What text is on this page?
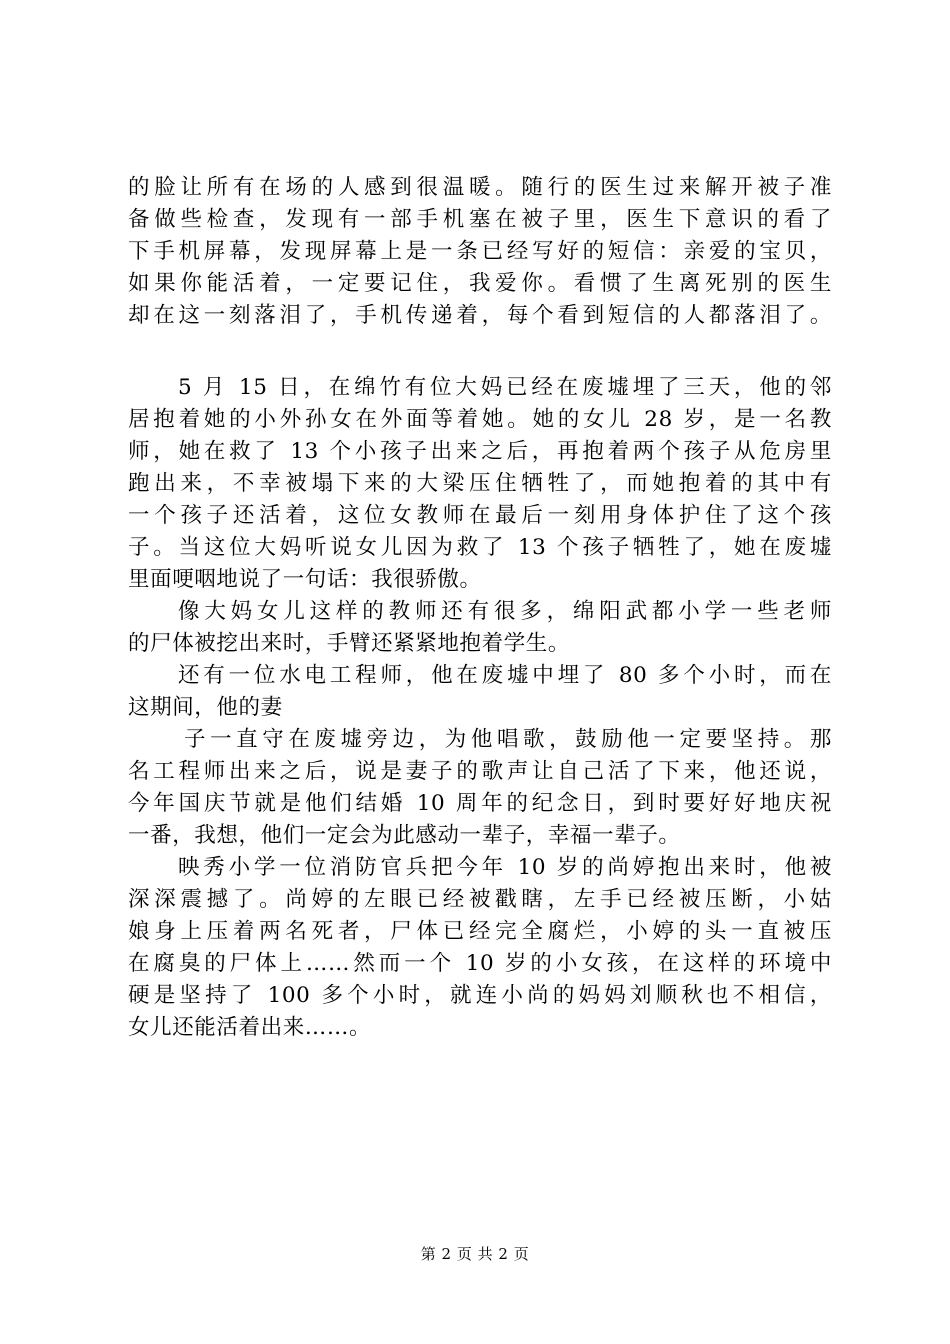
的脸让所有在场的人感到很温暖。随行的医生过来解开被子准
备做些检查，发现有一部手机塞在被子里，医生下意识的看了
下手机屏幕，发现屏幕上是一条已经写好的短信：亲爱的宝贝，
如果你能活着，一定要记住，我爱你。看惯了生离死别的医生
却在这一刻落泪了，手机传递着，每个看到短信的人都落泪了。
5 月 15 日，在绵竹有位大妈已经在废墟埋了三天，他的邻
居抱着她的小外孙女在外面等着她。她的女儿 28 岁，是一名教
师，她在救了 13 个小孩子出来之后，再抱着两个孩子从危房里
跑出来，不幸被塌下来的大梁压住牺牲了，而她抱着的其中有
一个孩子还活着，这位女教师在最后一刻用身体护住了这个孩
子。当这位大妈听说女儿因为救了 13 个孩子牺牲了，她在废墟
里面哽咽地说了一句话：我很骄傲。
像大妈女儿这样的教师还有很多，绵阳武都小学一些老师
的尸体被挖出来时，手臂还紧紧地抱着学生。
还有一位水电工程师，他在废墟中埋了 80 多个小时，而在
这期间，他的妻
子一直守在废墟旁边，为他唱歌，鼓励他一定要坚持。那
名工程师出来之后，说是妻子的歌声让自己活了下来，他还说，
今年国庆节就是他们结婚 10 周年的纪念日，到时要好好地庆祝
一番，我想，他们一定会为此感动一辈子，幸福一辈子。
映秀小学一位消防官兵把今年 10 岁的尚婷抱出来时，他被
深深震撼了。尚婷的左眼已经被戳瞎，左手已经被压断，小姑
娘身上压着两名死者，尸体已经完全腐烂，小婷的头一直被压
在腐臭的尸体上……然而一个 10 岁的小女孩，在这样的环境中
硬是坚持了 100 多个小时，就连小尚的妈妈刘顺秋也不相信，
女儿还能活着出来……。
第 2 页 共 2 页
